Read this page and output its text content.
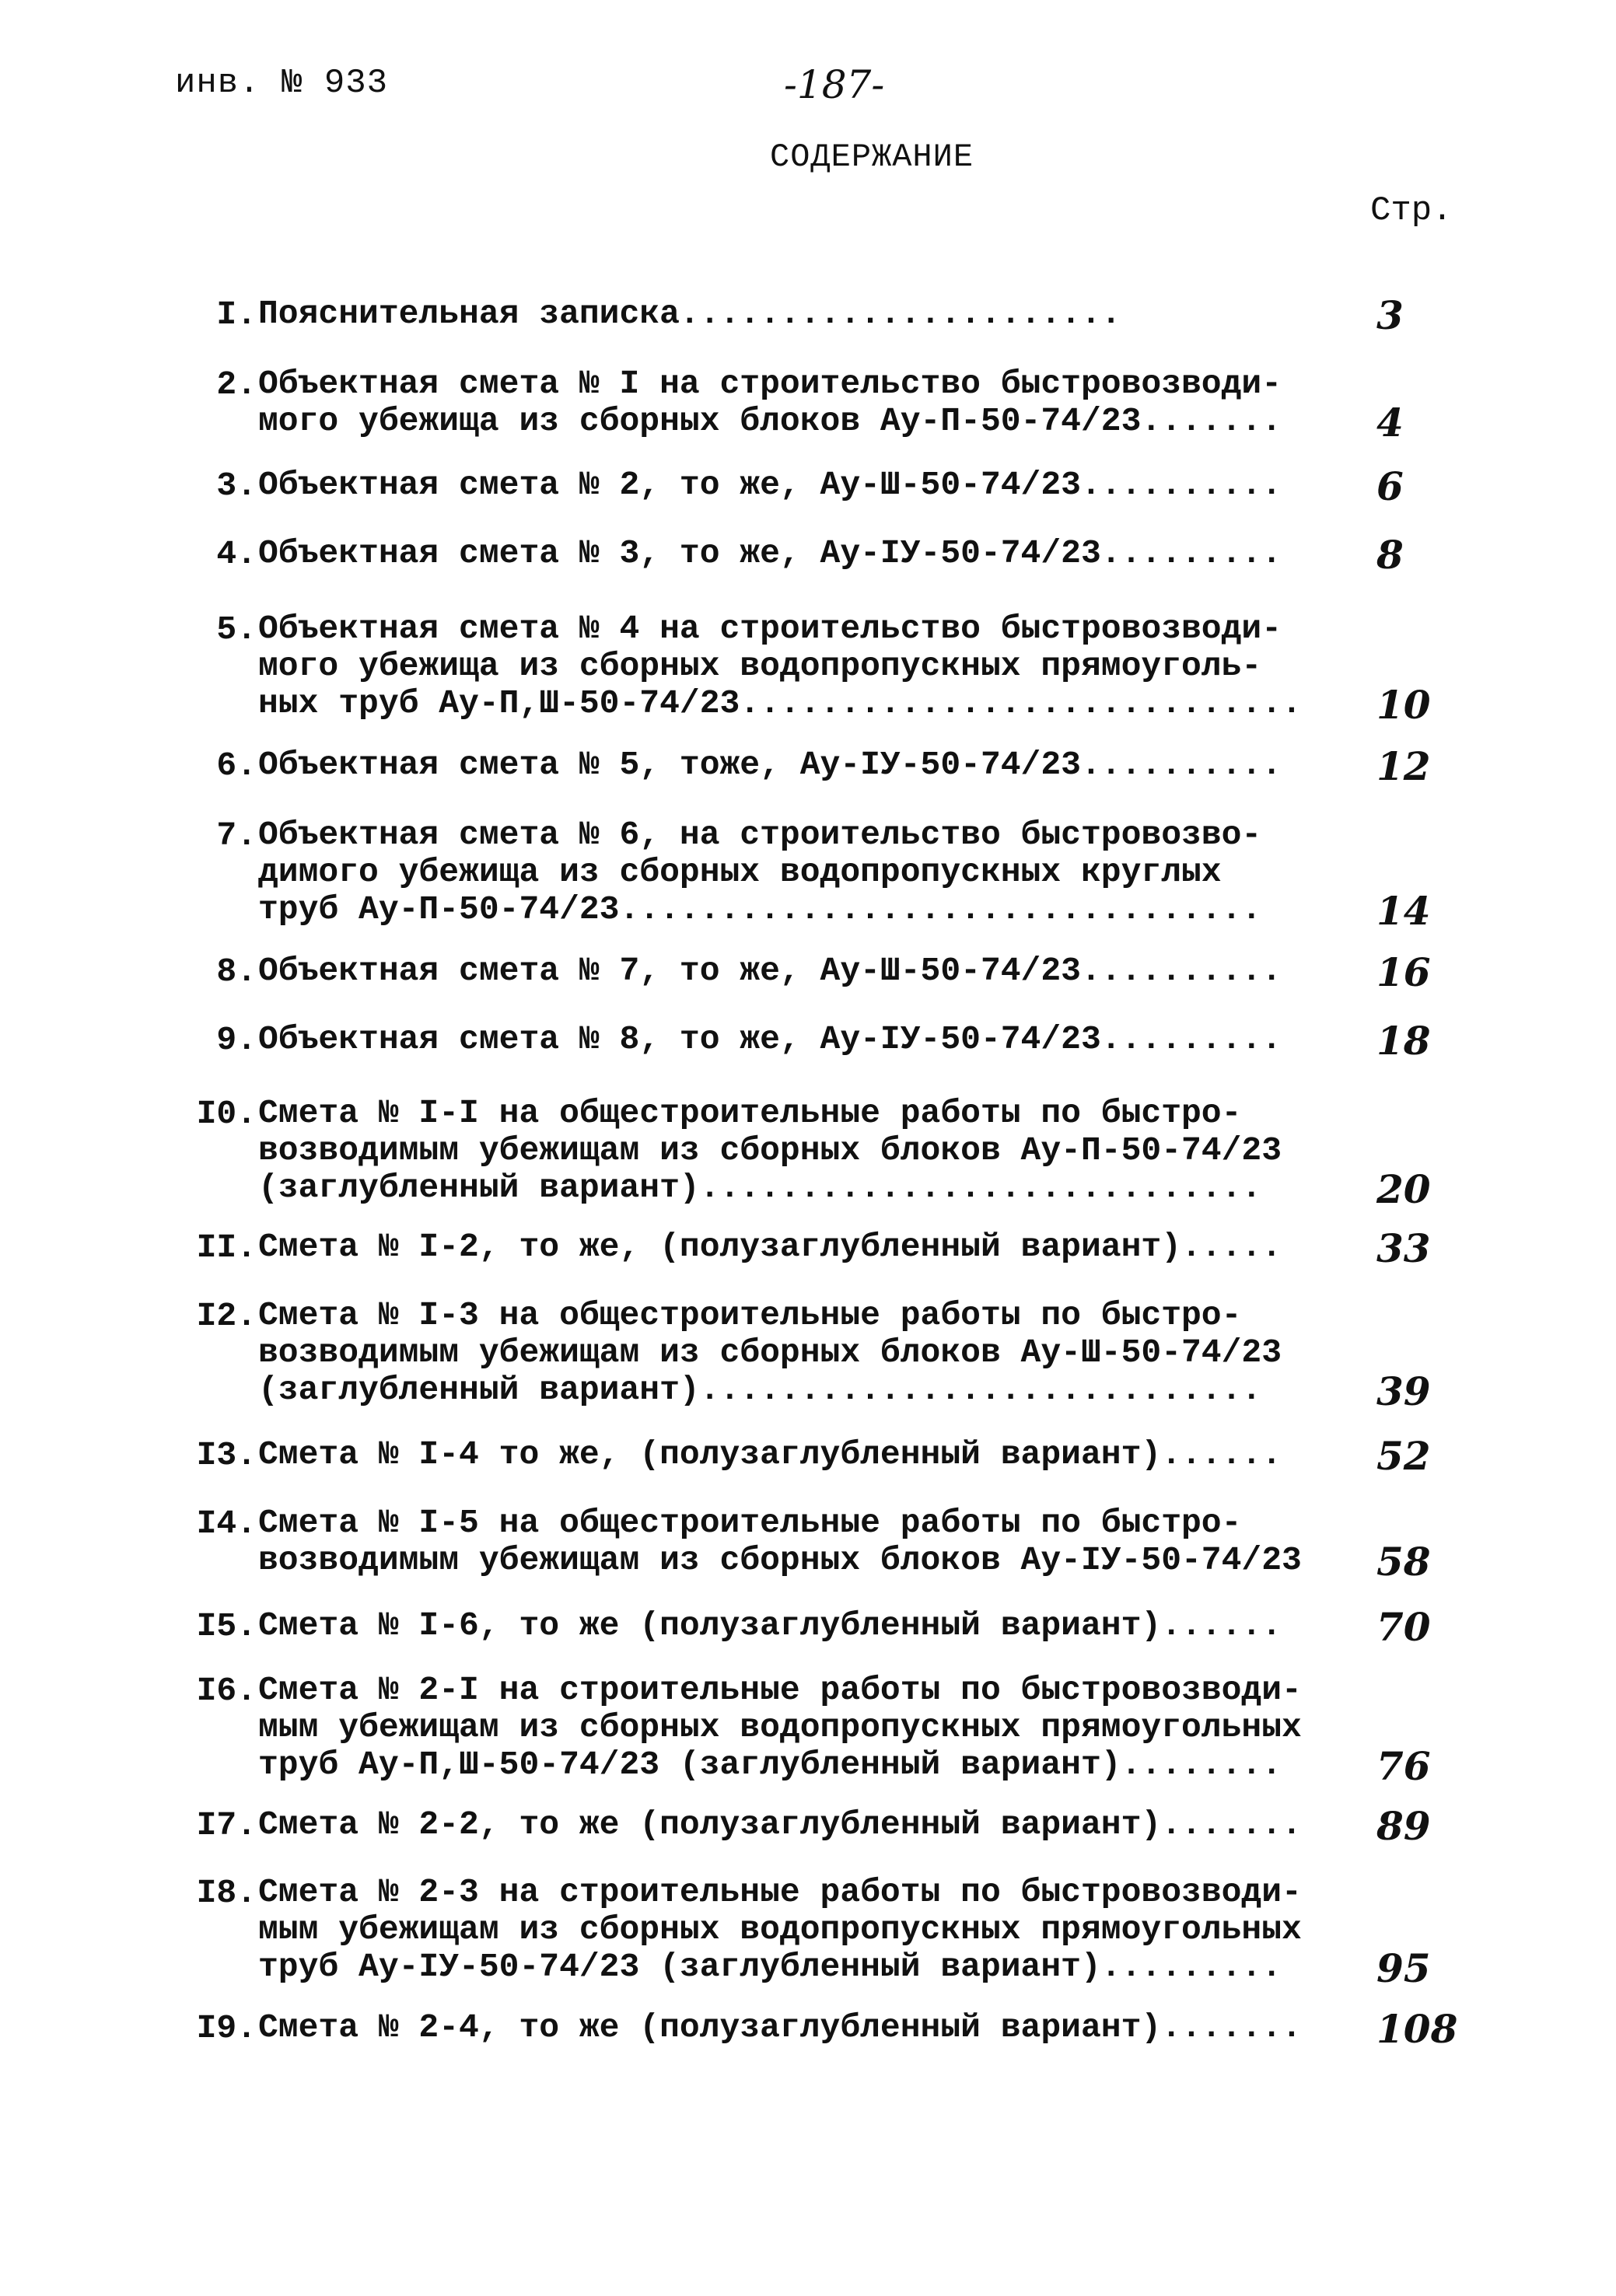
инв. № 933	-187-
СОДЕРЖАНИЕ
Стр.
I. Пояснительная записка......................	3
2. Объектная смета № I на строительство быстровозводи-
мого убежища из сборных блоков Ау-П-50-74/23.......	4
3. Объектная смета № 2, то же, Ау-Ш-50-74/23..........	6
4. Объектная смета № 3, то же, Ау-IУ-50-74/23.........	8
5. Объектная смета № 4 на строительство быстровозводи-
мого убежища из сборных водопропускных прямоуголь-
ных труб Ау-П,Ш-50-74/23............................	10
6. Объектная смета № 5, тоже, Ау-IУ-50-74/23..........	12
7. Объектная смета № 6, на строительство быстровозво-
димого убежища из сборных водопропускных круглых
труб Ау-П-50-74/23................................	14
8. Объектная смета № 7, то же, Ау-Ш-50-74/23..........	16
9. Объектная смета № 8, то же, Ау-IУ-50-74/23.........	18
I0. Смета № I-I на общестроительные работы по быстро-
возводимым убежищам из сборных блоков Ау-П-50-74/23
(заглубленный вариант)............................	20
II. Смета № I-2, то же, (полузаглубленный вариант).....	33
I2. Смета № I-3 на общестроительные работы по быстро-
возводимым убежищам из сборных блоков Ау-Ш-50-74/23
(заглубленный вариант)............................	39
I3. Смета № I-4 то же, (полузаглубленный вариант)......	52
I4. Смета № I-5 на общестроительные работы по быстро-
возводимым убежищам из сборных блоков Ау-IУ-50-74/23	58
I5. Смета № I-6, то же (полузаглубленный вариант)......	70
I6. Смета № 2-I на строительные работы по быстровозводи-
мым убежищам из сборных водопропускных прямоугольных
труб Ау-П,Ш-50-74/23 (заглубленный вариант)........	76
I7. Смета № 2-2, то же (полузаглубленный вариант).......	89
I8. Смета № 2-3 на строительные работы по быстровозводи-
мым убежищам из сборных водопропускных прямоугольных
труб Ау-IУ-50-74/23 (заглубленный вариант).........	95
I9. Смета № 2-4, то же (полузаглубленный вариант).......	108
